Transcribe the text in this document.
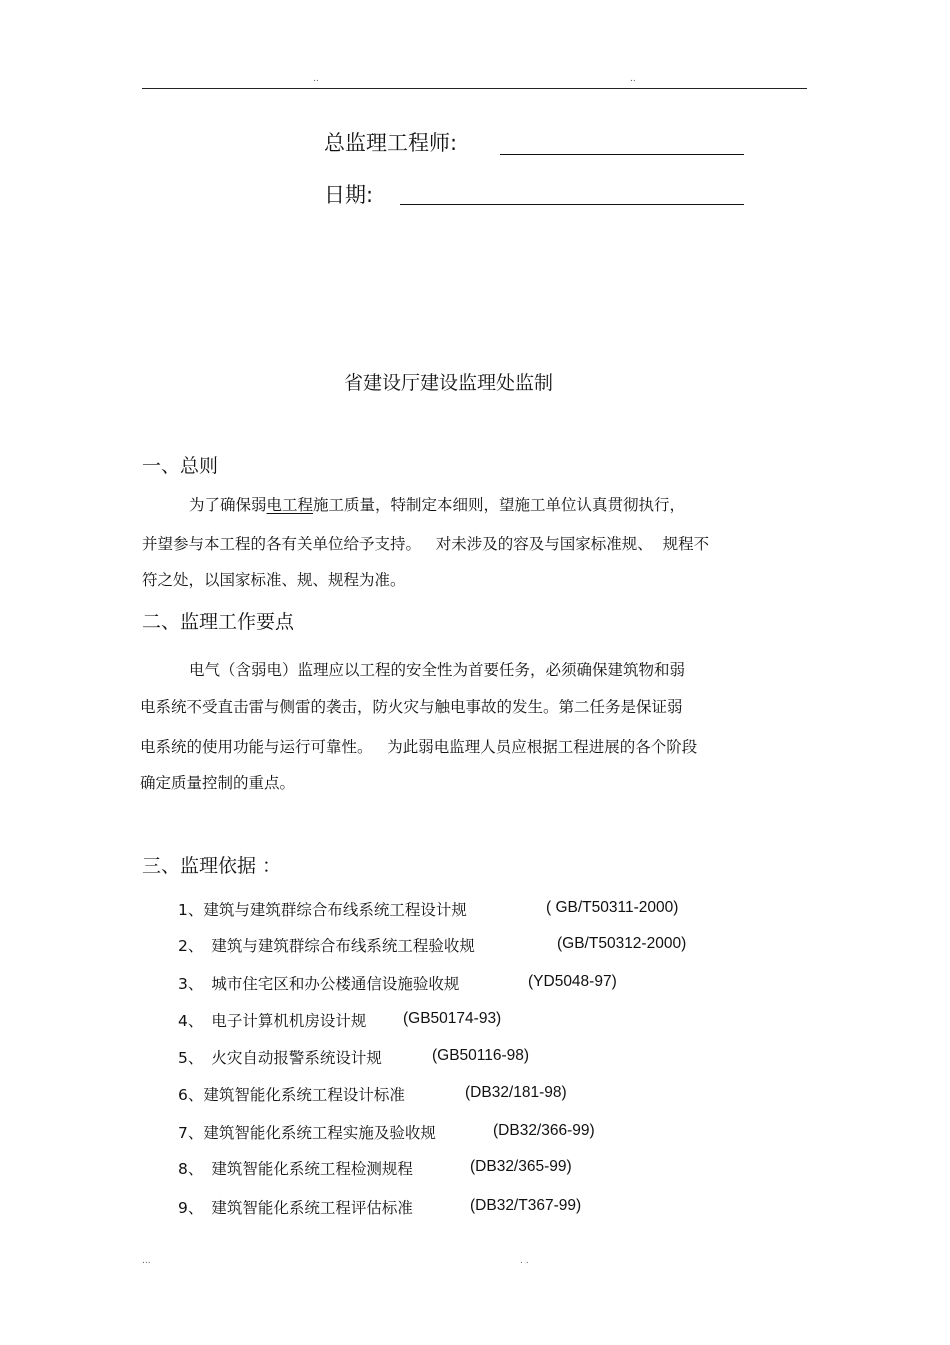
..	..
总监理工程师:
日期:
省建设厅建设监理处监制
一、总则
为了确保弱电工程施工质量，特制定本细则，望施工单位认真贯彻执行，
并望参与本工程的各有关单位给予支持。   对未涉及的容及与国家标准规、  规程不
符之处，以国家标准、规、规程为准。
二、监理工作要点
电气（含弱电）监理应以工程的安全性为首要任务，必须确保建筑物和弱
电系统不受直击雷与侧雷的袭击，防火灾与触电事故的发生。第二任务是保证弱
电系统的使用功能与运行可靠性。   为此弱电监理人员应根据工程进展的各个阶段
确定质量控制的重点。
三、监理依据 ：
1、建筑与建筑群综合布线系统工程设计规	( GB/T50311-2000)
2、 建筑与建筑群综合布线系统工程验收规	(GB/T50312-2000)
3、 城市住宅区和办公楼通信设施验收规	(YD5048-97)
4、 电子计算机机房设计规 (GB50174-93)
5、 火灾自动报警系统设计规	(GB50116-98)
6、建筑智能化系统工程设计标准	(DB32/181-98)
7、建筑智能化系统工程实施及验收规	(DB32/366-99)
8、 建筑智能化系统工程检测规程	(DB32/365-99)
9、 建筑智能化系统工程评估标准	(DB32/T367-99)
...	. .
